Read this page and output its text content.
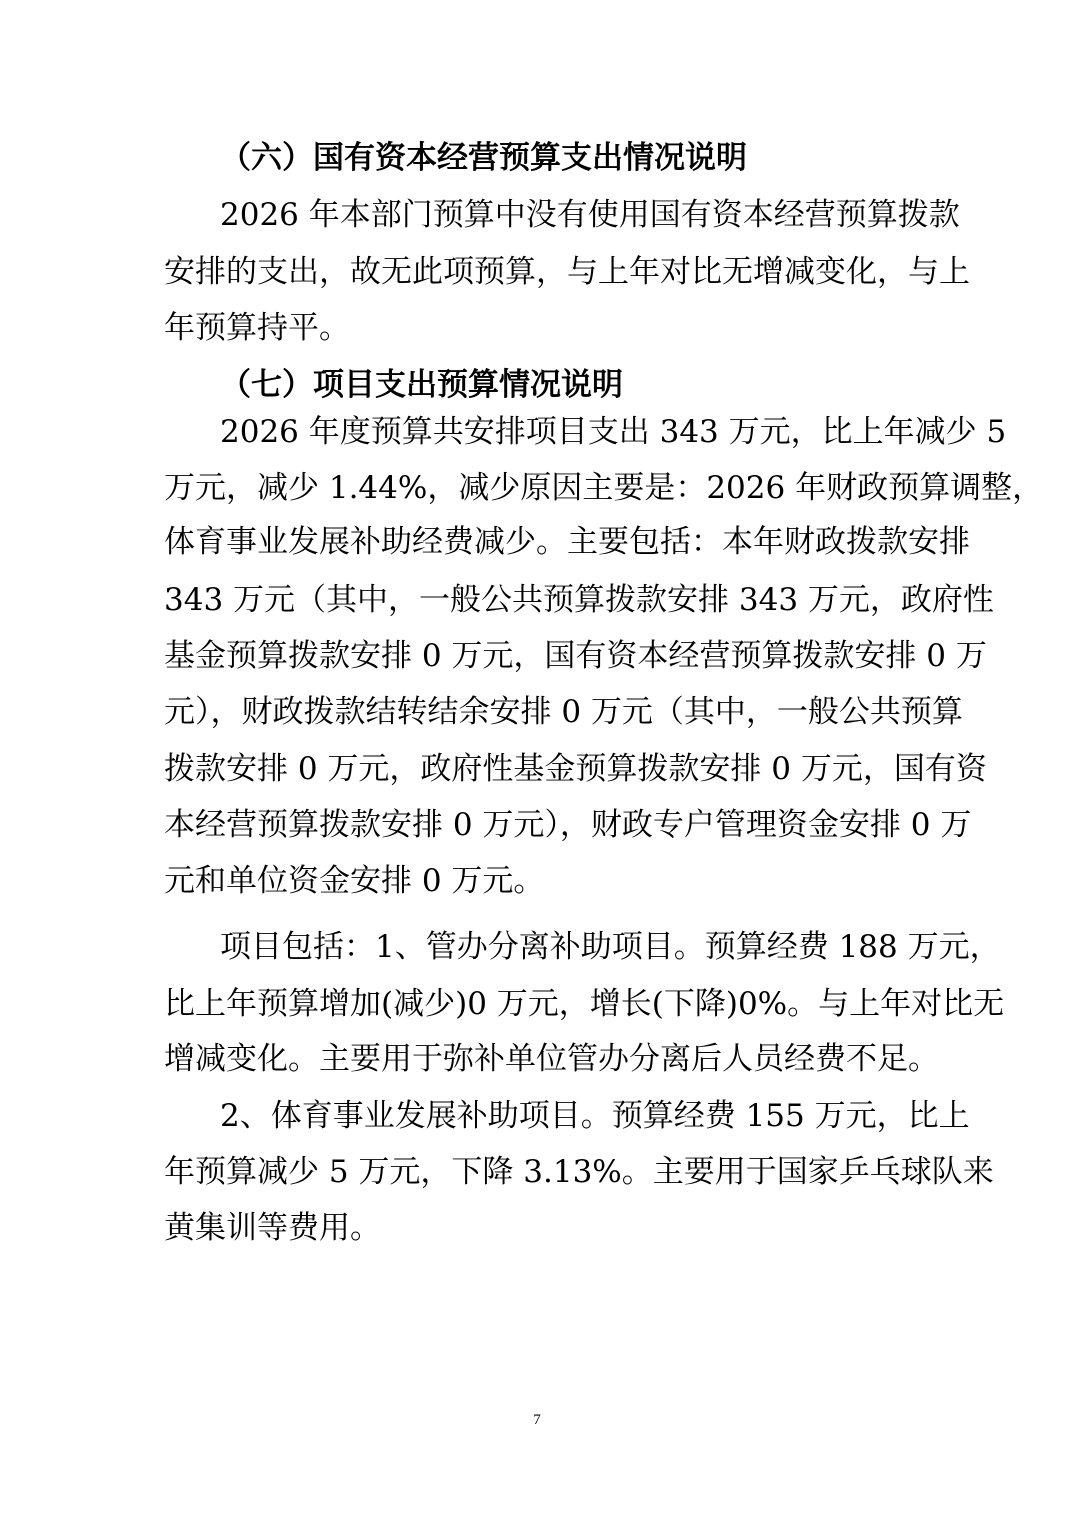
（六）国有资本经营预算支出情况说明
2026 年本部门预算中没有使用国有资本经营预算拨款
安排的支出，故无此项预算，与上年对比无增减变化，与上
年预算持平。
（七）项目支出预算情况说明
2026 年度预算共安排项目支出 343 万元，比上年减少 5
万元，减少 1.44%，减少原因主要是：2026 年财政预算调整，
体育事业发展补助经费减少。主要包括：本年财政拨款安排
343 万元（其中，一般公共预算拨款安排 343 万元，政府性
基金预算拨款安排 0 万元，国有资本经营预算拨款安排 0 万
元），财政拨款结转结余安排 0 万元（其中，一般公共预算
拨款安排 0 万元，政府性基金预算拨款安排 0 万元，国有资
本经营预算拨款安排 0 万元），财政专户管理资金安排 0 万
元和单位资金安排 0 万元。
项目包括：1、管办分离补助项目。预算经费 188 万元，
比上年预算增加(减少)0 万元，增长(下降)0%。与上年对比无
增减变化。主要用于弥补单位管办分离后人员经费不足。
2、体育事业发展补助项目。预算经费 155 万元，比上
年预算减少 5 万元，下降 3.13%。主要用于国家乒乓球队来
黄集训等费用。
7
